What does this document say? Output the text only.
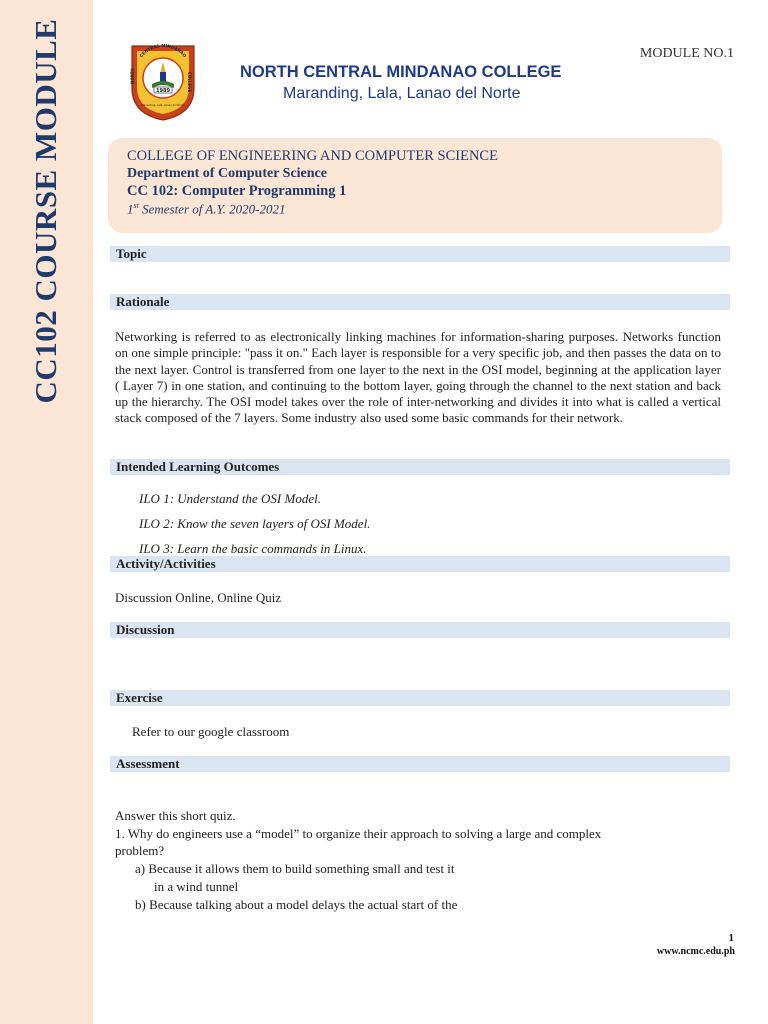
CC102 COURSE MODULE	MODULE NO.1
CENTRAL MINDANAO
NORTH	COLLEGE
1989
Maranding, Lala, Lanao del Norte
NORTH CENTRAL MINDANAO COLLEGE
Maranding, Lala, Lanao del Norte
COLLEGE OF ENGINEERING AND COMPUTER SCIENCE
Department of Computer Science
CC 102: Computer Programming 1
1st Semester of A.Y. 2020-2021
Topic
Rationale
Networking is referred to as electronically linking machines for information-sharing purposes. Networks function on one simple principle: "pass it on." Each layer is responsible for a very specific job, and then passes the data on to the next layer. Control is transferred from one layer to the next in the OSI model, beginning at the application layer ( Layer 7) in one station, and continuing to the bottom layer, going through the channel to the next station and back up the hierarchy. The OSI model takes over the role of inter-networking and divides it into what is called a vertical stack composed of the 7 layers. Some industry also used some basic commands for their network.
Intended Learning Outcomes
ILO 1: Understand the OSI Model.
ILO 2: Know the seven layers of OSI Model.
ILO 3: Learn the basic commands in Linux.
Activity/Activities
Discussion Online, Online Quiz
Discussion
Exercise
Refer to our google classroom
Assessment
Answer this short quiz.
1. Why do engineers use a “model” to organize their approach to solving a large and complex
problem?
a) Because it allows them to build something small and test it
in a wind tunnel
b) Because talking about a model delays the actual start of the
1
www.ncmc.edu.ph
